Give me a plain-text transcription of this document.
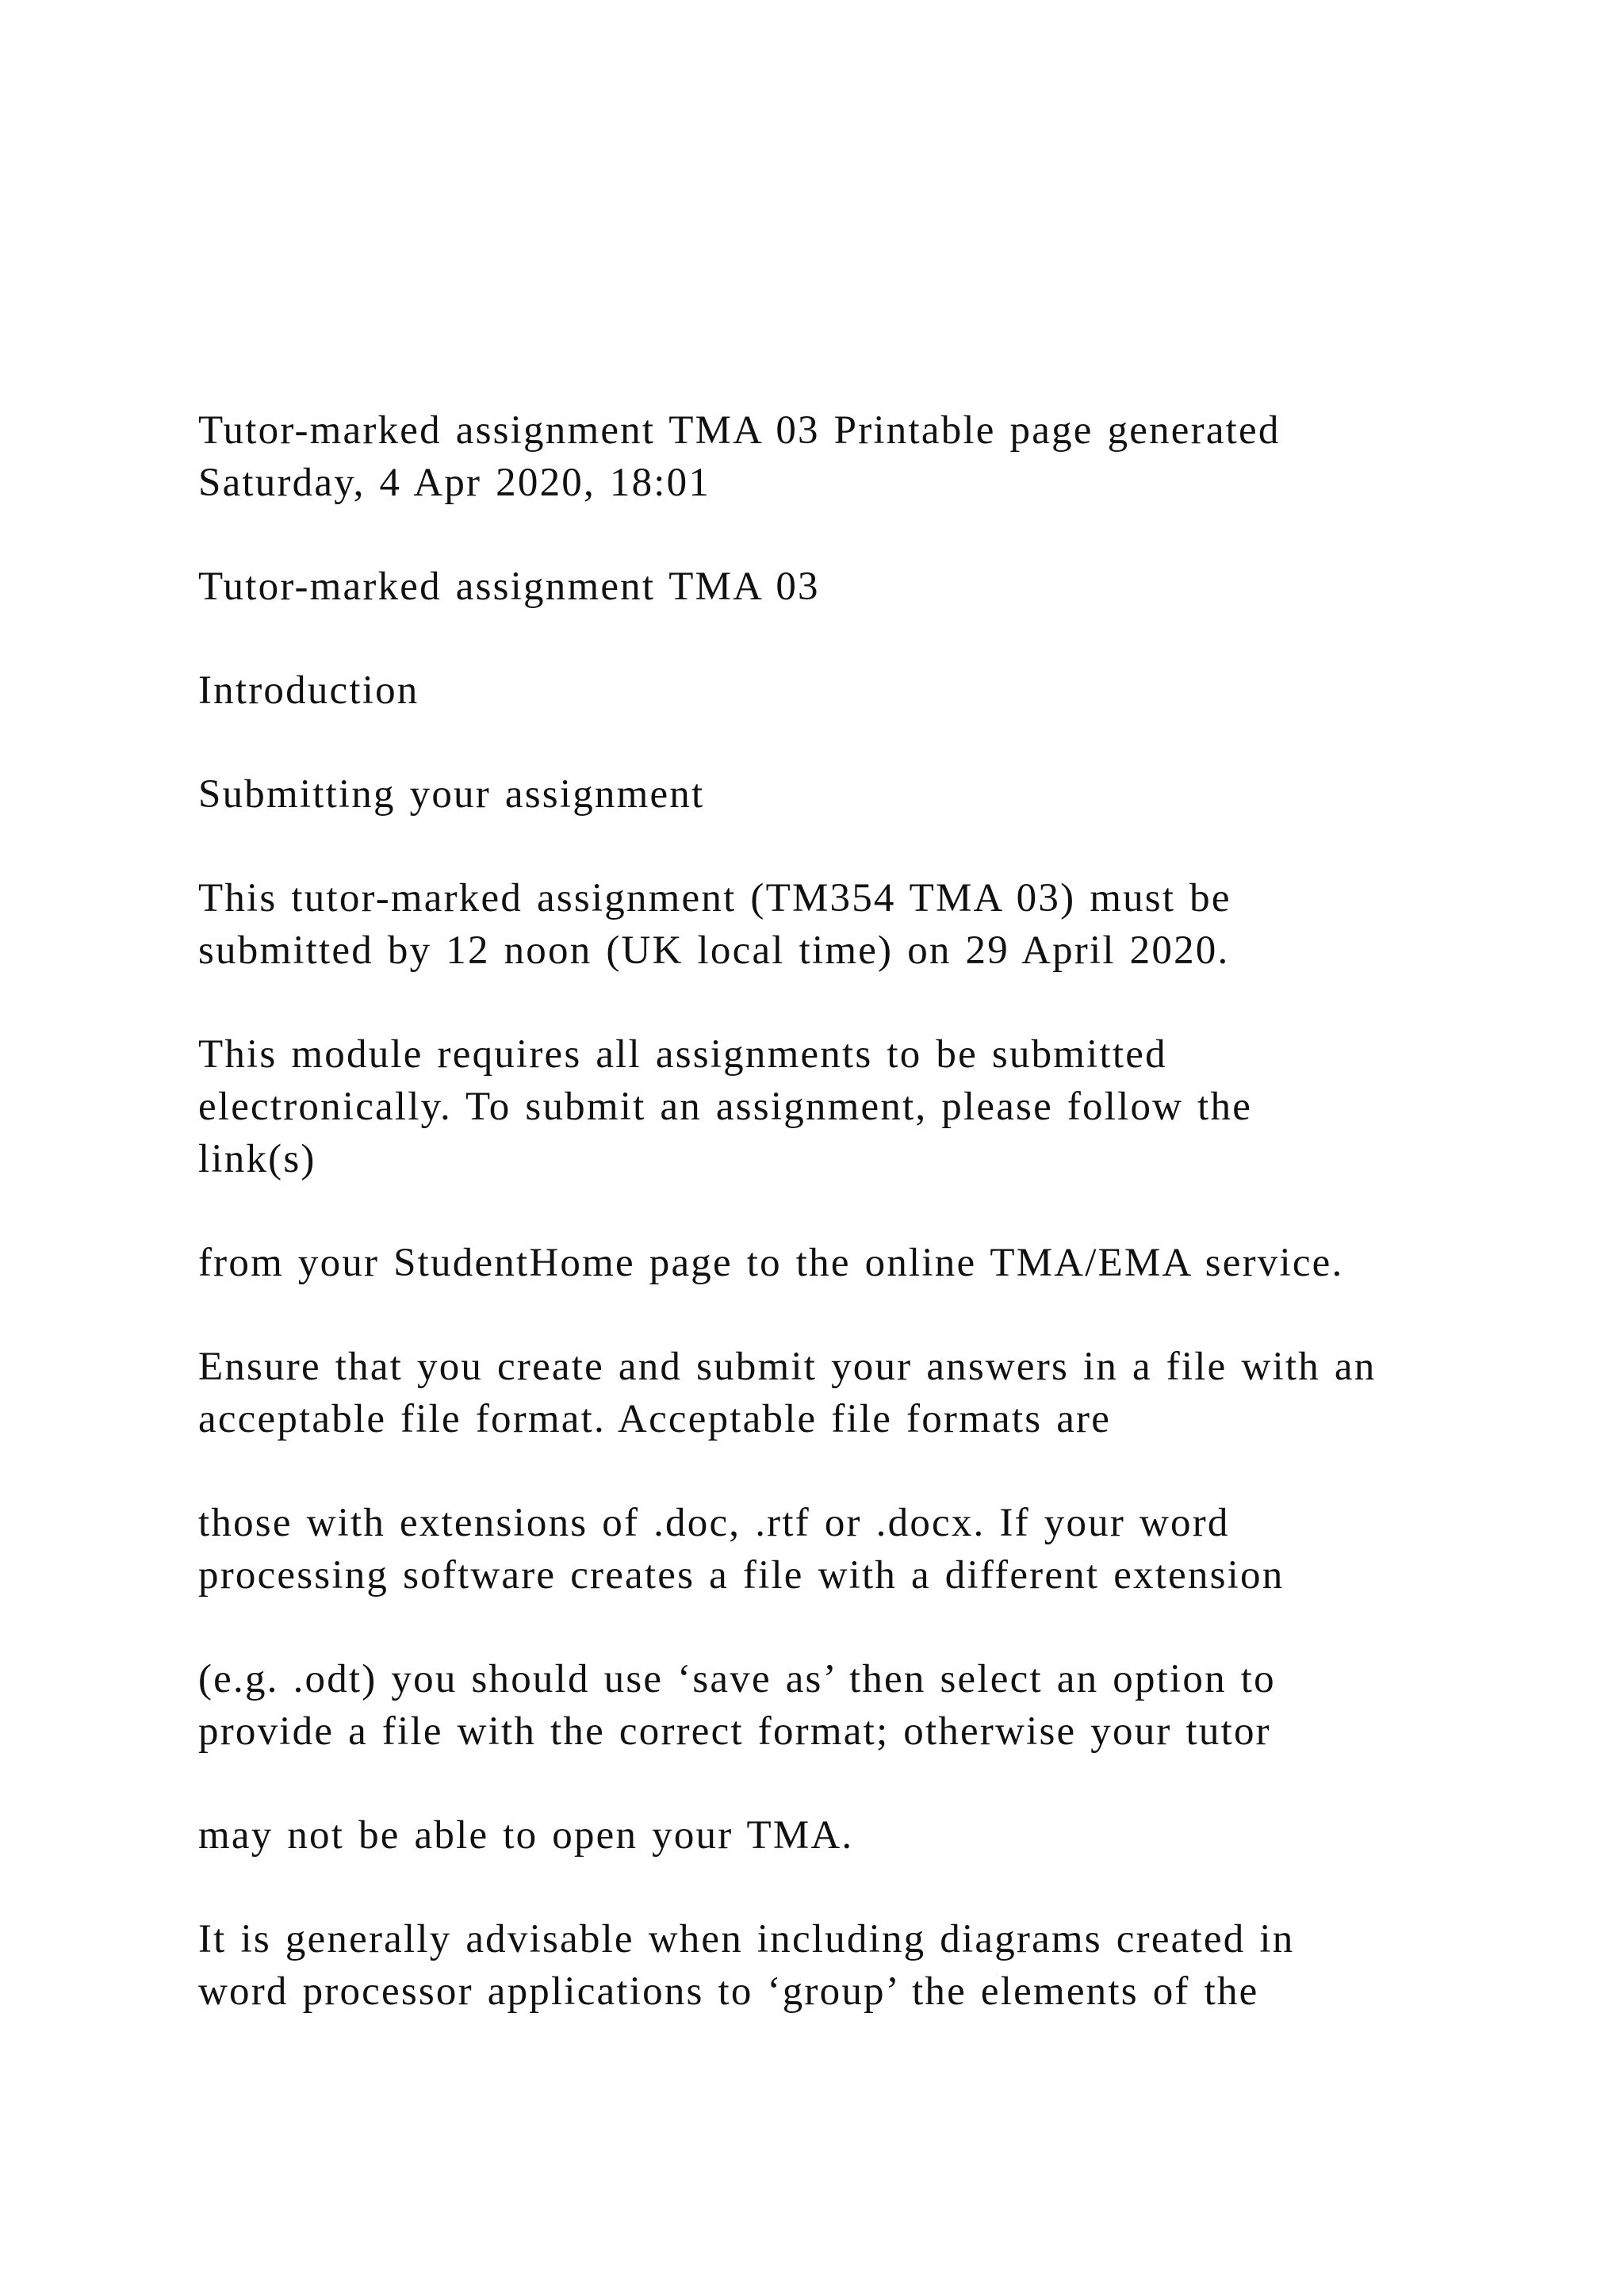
Tutor-marked assignment TMA 03 Printable page generated
Saturday, 4 Apr 2020, 18:01

Tutor-marked assignment TMA 03

Introduction

Submitting your assignment

This tutor-marked assignment (TM354 TMA 03) must be
submitted by 12 noon (UK local time) on 29 April 2020.

This module requires all assignments to be submitted
electronically. To submit an assignment, please follow the
link(s)

from your StudentHome page to the online TMA/EMA service.

Ensure that you create and submit your answers in a file with an
acceptable file format. Acceptable file formats are

those with extensions of .doc, .rtf or .docx. If your word
processing software creates a file with a different extension

(e.g. .odt) you should use ‘save as’ then select an option to
provide a file with the correct format; otherwise your tutor

may not be able to open your TMA.

It is generally advisable when including diagrams created in
word processor applications to ‘group’ the elements of the
